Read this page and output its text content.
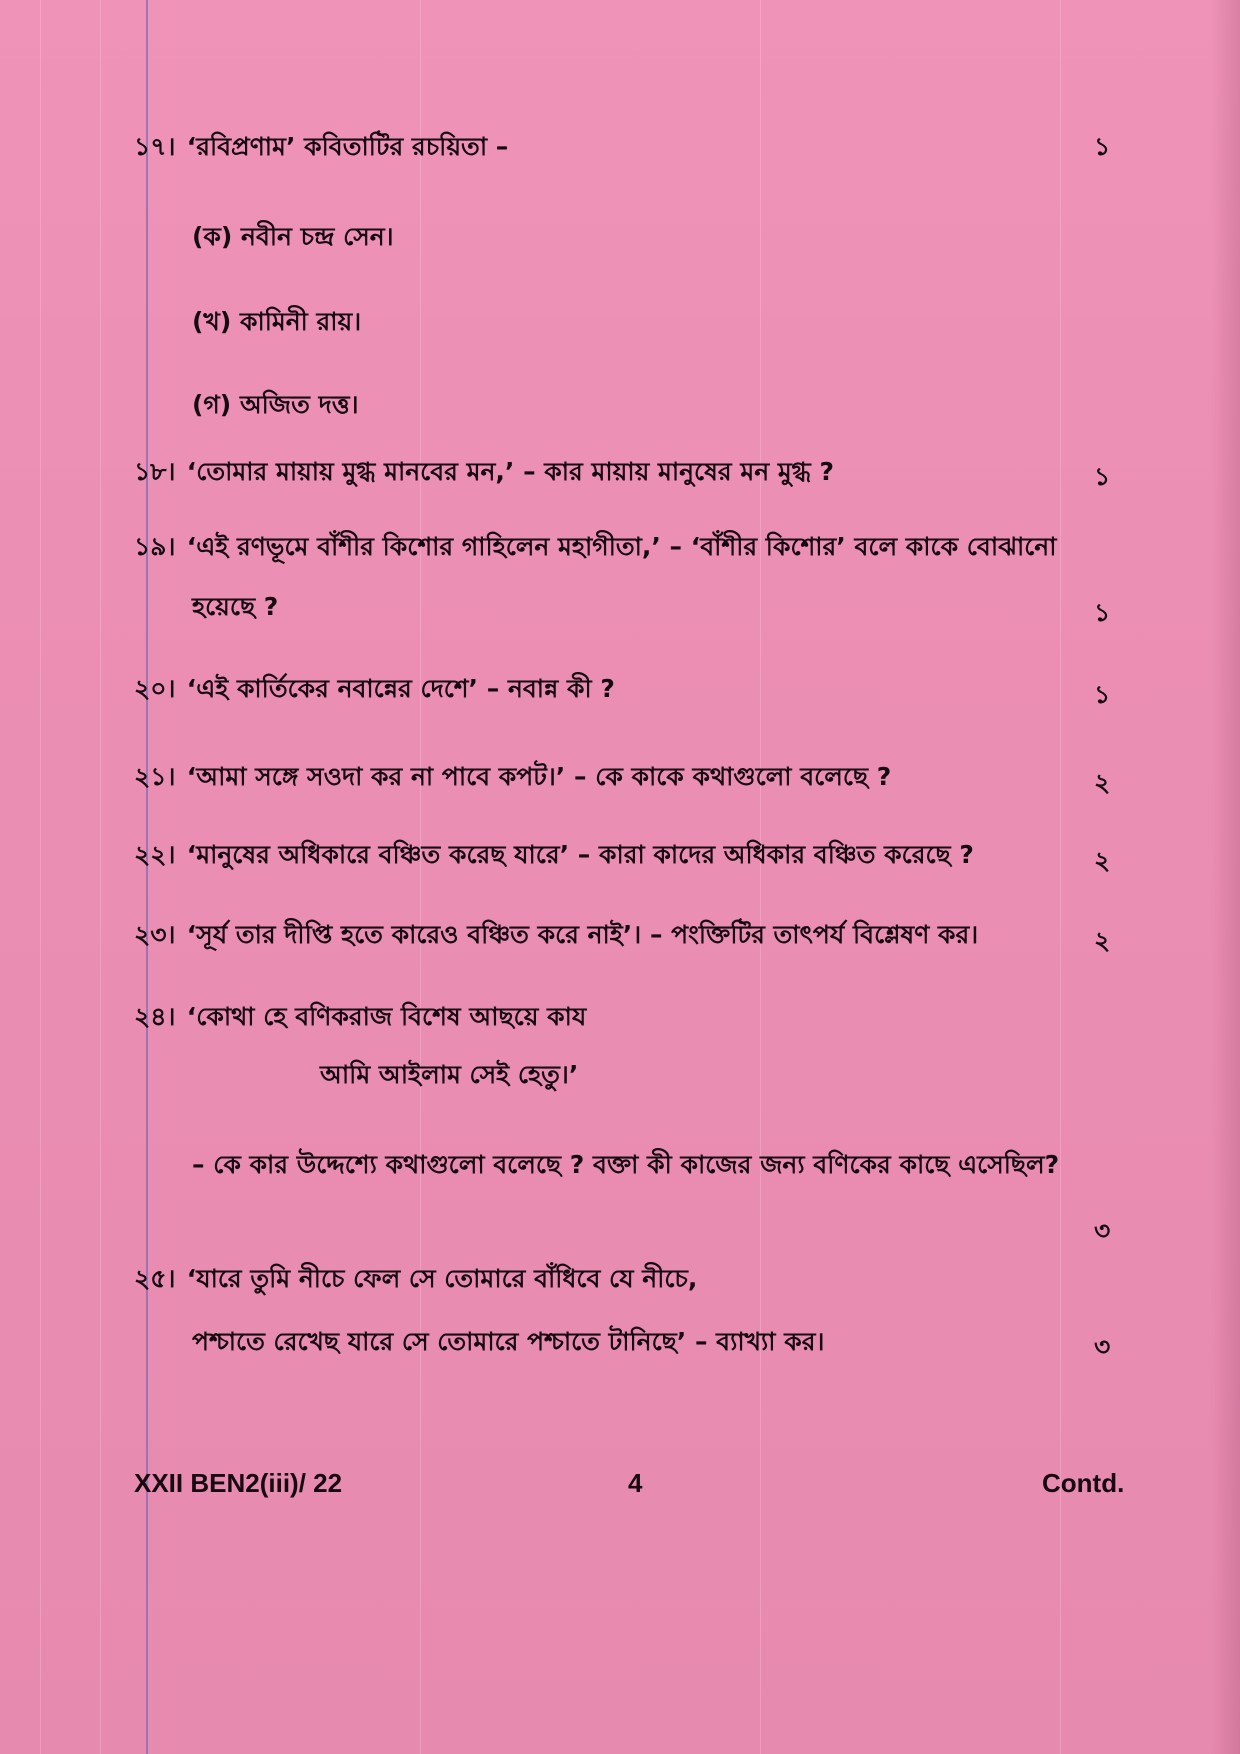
১৭। ‘রবিপ্রণাম’ কবিতাটির রচয়িতা –	১
(ক) নবীন চন্দ্র সেন।
(খ) কামিনী রায়।
(গ) অজিত দত্ত।
১৮। ‘তোমার মায়ায় মুগ্ধ মানবের মন,’ – কার মায়ায় মানুষের মন মুগ্ধ ?	১
১৯। ‘এই রণভূমে বাঁশীর কিশোর গাহিলেন মহাগীতা,’ – ‘বাঁশীর কিশোর’ বলে কাকে বোঝানো
হয়েছে ?	১
২০। ‘এই কার্তিকের নবান্নের দেশে’ – নবান্ন কী ?	১
২১। ‘আমা সঙ্গে সওদা কর না পাবে কপট।’ – কে কাকে কথাগুলো বলেছে ?	২
২২। ‘মানুষের অধিকারে বঞ্চিত করেছ যারে’ – কারা কাদের অধিকার বঞ্চিত করেছে ?	২
২৩। ‘সূর্য তার দীপ্তি হতে কারেও বঞ্চিত করে নাই’। – পংক্তিটির তাৎপর্য বিশ্লেষণ কর।	২
২৪। ‘কোথা হে বণিকরাজ বিশেষ আছয়ে কায
আমি আইলাম সেই হেতু।’
– কে কার উদ্দেশ্যে কথাগুলো বলেছে ? বক্তা কী কাজের জন্য বণিকের কাছে এসেছিল?
৩
২৫। ‘যারে তুমি নীচে ফেল সে তোমারে বাঁধিবে যে নীচে,
পশ্চাতে রেখেছ যারে সে তোমারে পশ্চাতে টানিছে’ – ব্যাখ্যা কর।	৩
XXII BEN2(iii)/ 22	4	Contd.
